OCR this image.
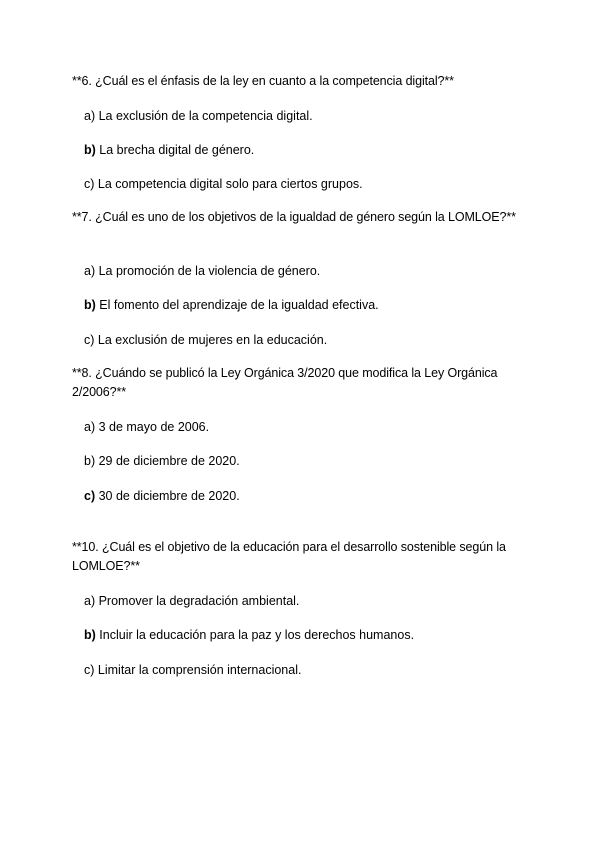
**6. ¿Cuál es el énfasis de la ley en cuanto a la competencia digital?**
a) La exclusión de la competencia digital.
b) La brecha digital de género.
c) La competencia digital solo para ciertos grupos.
**7. ¿Cuál es uno de los objetivos de la igualdad de género según la LOMLOE?**
a) La promoción de la violencia de género.
b) El fomento del aprendizaje de la igualdad efectiva.
c) La exclusión de mujeres en la educación.
**8. ¿Cuándo se publicó la Ley Orgánica 3/2020 que modifica la Ley Orgánica 2/2006?**
a) 3 de mayo de 2006.
b) 29 de diciembre de 2020.
c) 30 de diciembre de 2020.
**10. ¿Cuál es el objetivo de la educación para el desarrollo sostenible según la LOMLOE?**
a) Promover la degradación ambiental.
b) Incluir la educación para la paz y los derechos humanos.
c) Limitar la comprensión internacional.
